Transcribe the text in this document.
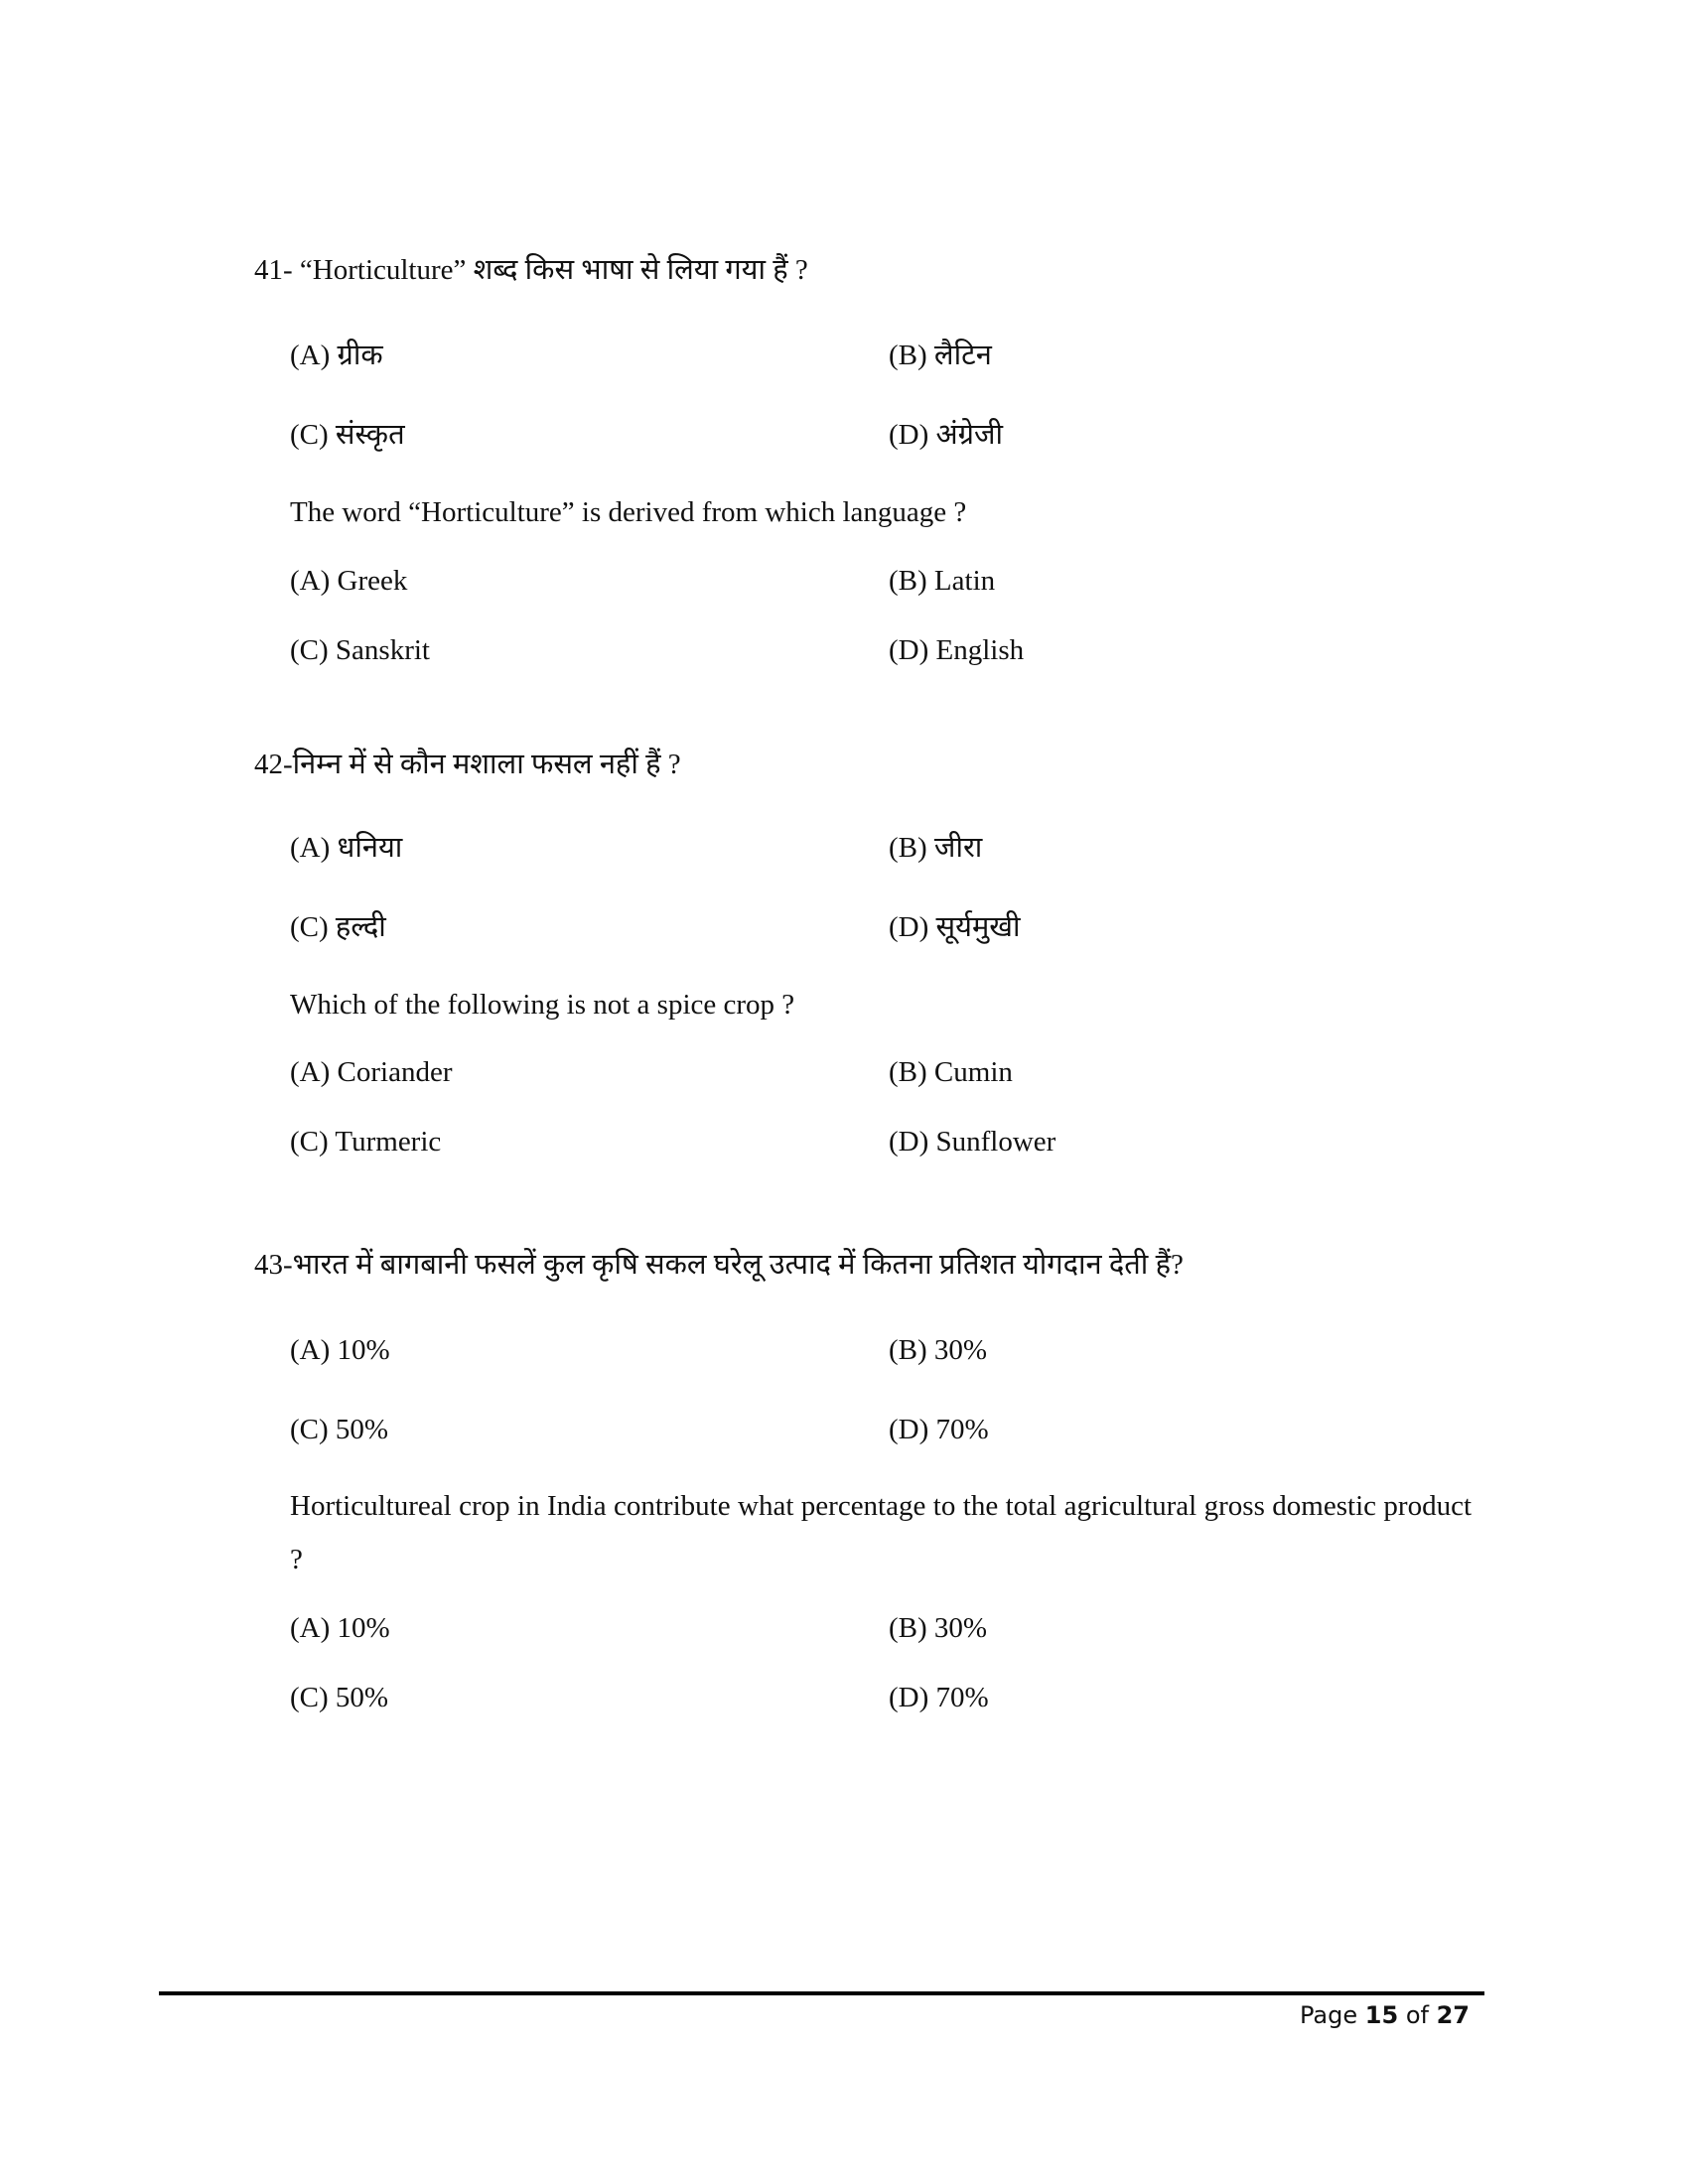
41- “Horticulture” शब्द किस भाषा से लिया गया हैं ?
(A) ग्रीक	(B) लैटिन
(C) संस्कृत	(D) अंग्रेजी
The word “Horticulture” is derived from which language ?
(A) Greek	(B) Latin
(C) Sanskrit	(D) English
42-निम्न में से कौन मशाला फसल नहीं हैं ?
(A) धनिया	(B) जीरा
(C) हल्दी	(D) सूर्यमुखी
Which of the following is not a spice crop ?
(A) Coriander	(B) Cumin
(C) Turmeric	(D) Sunflower
43-भारत में बागबानी फसलें कुल कृषि सकल घरेलू उत्पाद में कितना प्रतिशत योगदान देती हैं?
(A) 10%	(B) 30%
(C) 50%	(D) 70%
Horticultureal crop in India contribute what percentage to the total agricultural gross domestic product ?
(A) 10%	(B) 30%
(C) 50%	(D) 70%
Page 15 of 27
